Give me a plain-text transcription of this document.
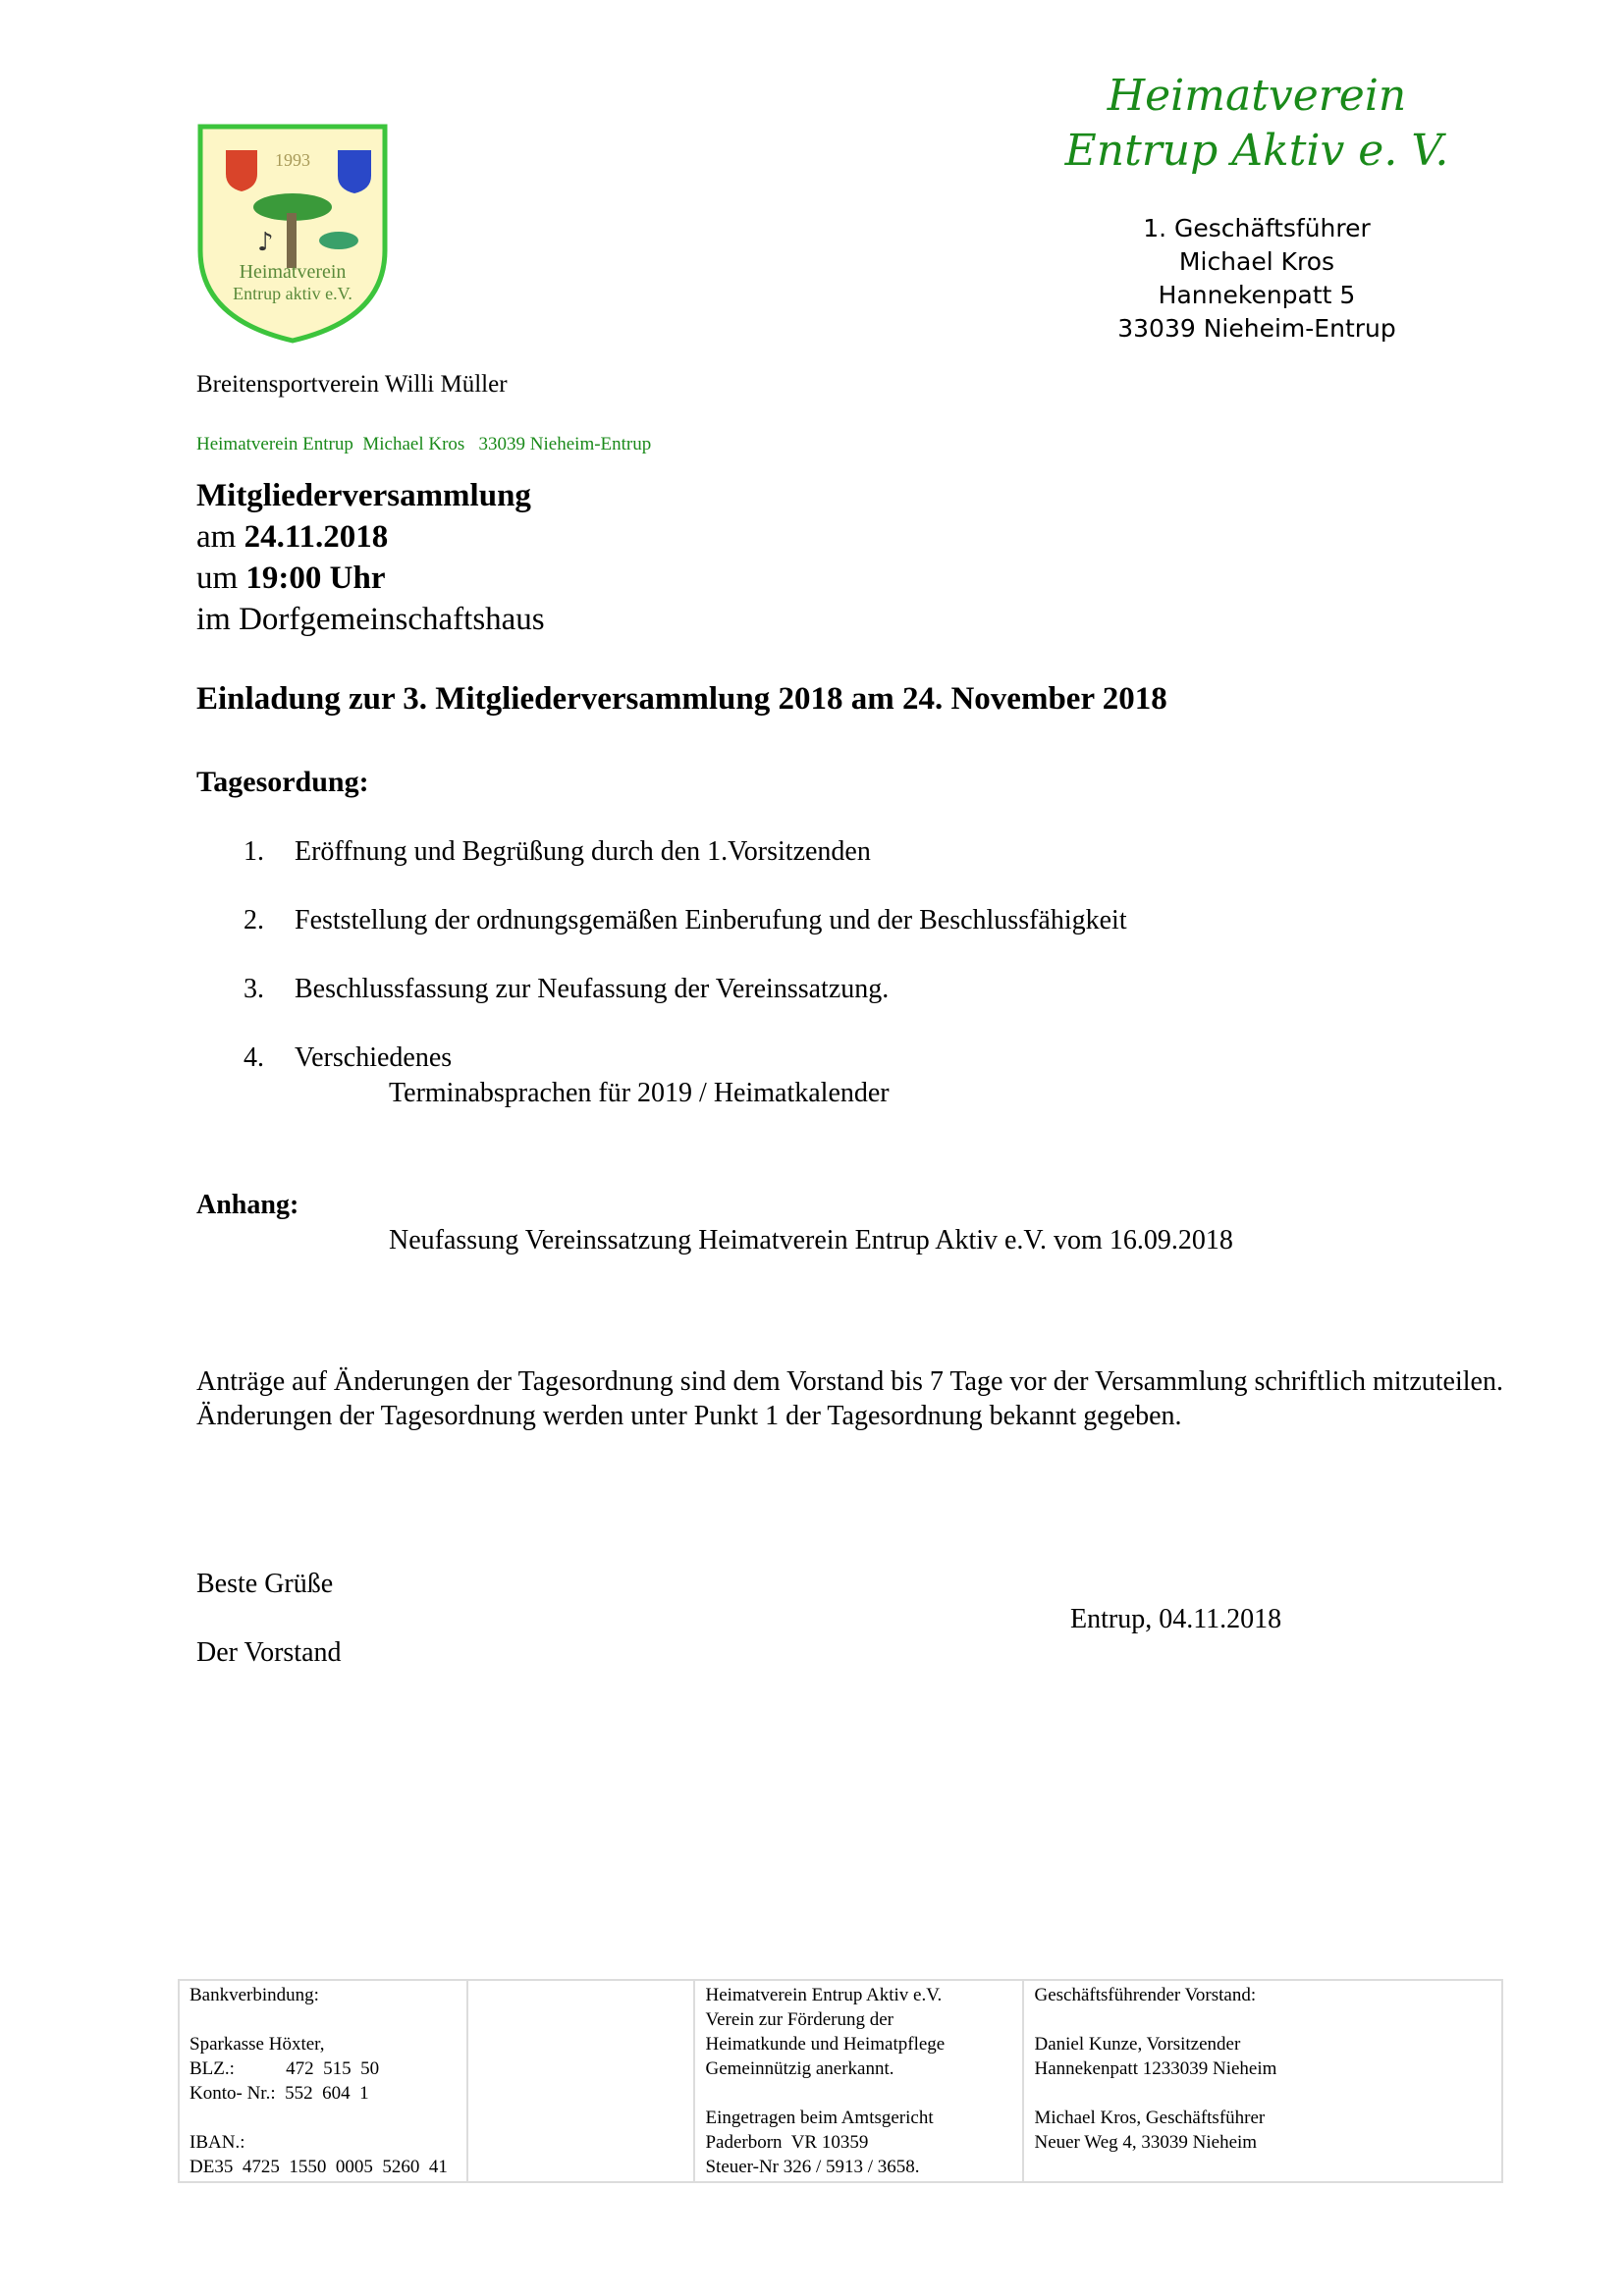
1993
♪
Heimatverein
Entrup aktiv e.V.
Heimatverein
Entrup Aktiv e. V.
1. Geschäftsführer
Michael Kros
Hannekenpatt 5
33039 Nieheim-Entrup
Breitensportverein Willi Müller
Heimatverein Entrup  Michael Kros   33039 Nieheim-Entrup
Mitgliederversammlung
am 24.11.2018
um 19:00 Uhr
im Dorfgemeinschaftshaus
Einladung zur 3. Mitgliederversammlung 2018 am 24. November 2018
Tagesordung:
1. Eröffnung und Begrüßung durch den 1.Vorsitzenden
2. Feststellung der ordnungsgemäßen Einberufung und der Beschlussfähigkeit
3. Beschlussfassung zur Neufassung der Vereinssatzung.
4. Verschiedenes
Terminabsprachen für 2019 / Heimatkalender
Anhang:
Neufassung Vereinssatzung Heimatverein Entrup Aktiv e.V. vom 16.09.2018
Anträge auf Änderungen der Tagesordnung sind dem Vorstand bis 7 Tage vor der Versammlung schriftlich mitzuteilen.
Änderungen der Tagesordnung werden unter Punkt 1 der Tagesordnung bekannt gegeben.
Beste Grüße
Entrup, 04.11.2018
Der Vorstand
Bankverbindung:

Sparkasse Höxter,
BLZ.:           472  515  50
Konto- Nr.:  552  604  1

IBAN.:
DE35  4725  1550  0005  5260  41
Heimatverein Entrup Aktiv e.V.
Verein zur Förderung der
Heimatkunde und Heimatpflege
Gemeinnützig anerkannt.

Eingetragen beim Amtsgericht
Paderborn  VR 10359
Steuer-Nr 326 / 5913 / 3658.
Geschäftsführender Vorstand:

Daniel Kunze, Vorsitzender
Hannekenpatt 1233039 Nieheim

Michael Kros, Geschäftsführer
Neuer Weg 4, 33039 Nieheim
